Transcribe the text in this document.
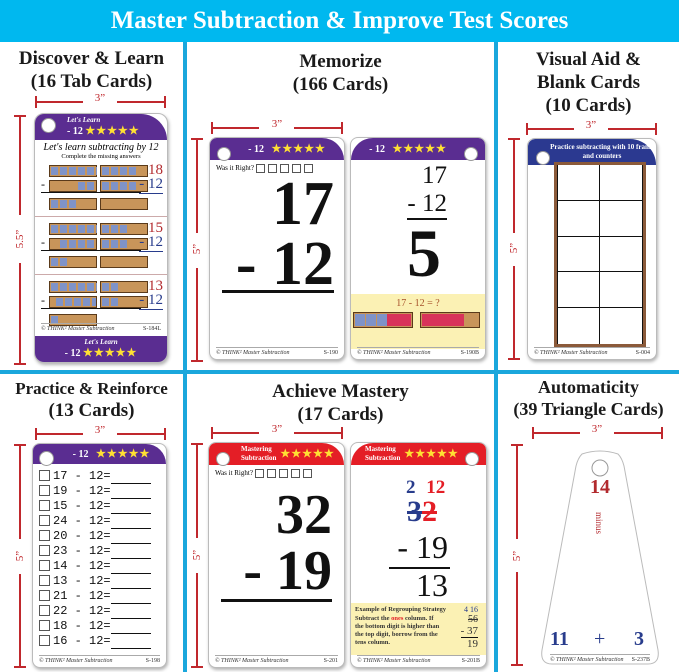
Master Subtraction & Improve Test Scores
Discover & Learn
(16 Tab Cards)
3”
5.5”
Let's Learn
- 12 ★★★★★
Let's learn subtracting by 12
Complete the missing answers
-
18
- 12
-
15
- 12
-
13
- 12
© THINK² Master Subtraction	S-184L
Let's Learn
- 12 ★★★★★
Memorize
(166 Cards)
3”
5”
- 12 ★★★★★
Was it Right?
17
- 12
© THINK² Master Subtraction	S-190
- 12 ★★★★★
17
- 12
5
17 - 12 = ?

© THINK² Master Subtraction	S-190B
Visual Aid &
Blank Cards
(10 Cards)
3”
5”
Practice subtracting with 10 frame and counters
© THINK² Master Subtraction	S-004
Practice & Reinforce
(13 Cards)
3”
5”
- 12 ★★★★★
17 - 12=
19 - 12=
15 - 12=
24 - 12=
20 - 12=
23 - 12=
14 - 12=
13 - 12=
21 - 12=
22 - 12=
18 - 12=
16 - 12=
© THINK² Master Subtraction	S-198
Achieve Mastery
(17 Cards)
3”
5”
Mastering
Subtraction ★★★★★
Was it Right?
32
- 19
© THINK² Master Subtraction	S-201
Mastering
Subtraction ★★★★★
2 12
32
- 19
13
Example of Regrouping Strategy
Subtract the ones column. If the bottom digit is higher than the top digit, borrow from the tens column.
4 16
56
- 37
19
© THINK² Master Subtraction	S-201B
Automaticity
(39 Triangle Cards)
3”
5”
14
minus
11 + 3
© THINK² Master Subtraction S-237B
